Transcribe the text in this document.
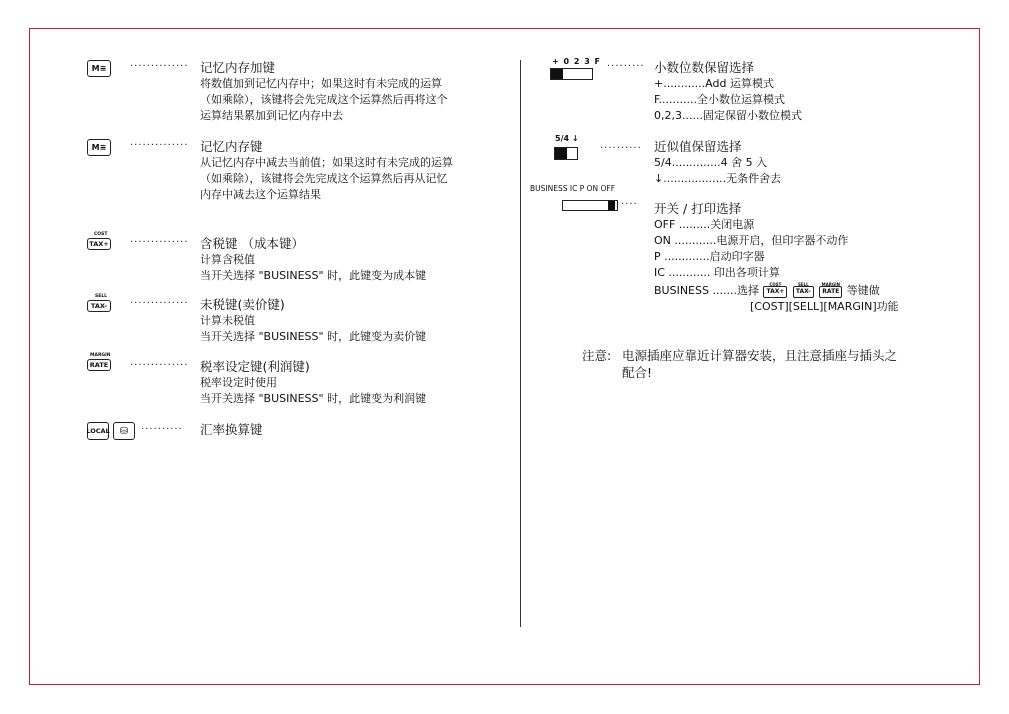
M≡ ·············· 记忆内存加键
将数值加到记忆内存中；如果这时有未完成的运算
（如乘除），该键将会先完成这个运算然后再将这个
运算结果累加到记忆内存中去
M≡ ·············· 记忆内存键
从记忆内存中减去当前值；如果这时有未完成的运算
（如乘除），该键将会先完成这个运算然后再从记忆
内存中减去这个运算结果
COST
TAX+ ·············· 含税键 （成本键）
计算含税值
当开关选择 "BUSINESS" 时，此键变为成本键
SELL
TAX- ·············· 未税键(卖价键)
计算未税值
当开关选择 "BUSINESS" 时，此键变为卖价键
MARGIN
RATE ·············· 税率设定键(利润键)
税率设定时使用
当开关选择 "BUSINESS" 时，此键变为利润键
LOCAL ⛁ ·········· 汇率换算键
+ 0 2 3 F ········· 小数位数保留选择
+............Add 运算模式
F...........全小数位运算模式
0,2,3......固定保留小数位模式
5/4 ↓
·········· 近似值保留选择
5/4..............4 舍 5 入
↓..................无条件舍去
BUSINESS IC P ON OFF
···· 开关 / 打印选择
OFF .........关闭电源
ON ............电源开启，但印字器不动作
P .............启动印字器
IC ............ 印出各项计算
BUSINESS .......选择	COST
TAX+
SELL
TAX-
MARGIN
RATE 等键做
[COST][SELL][MARGIN]功能
注意: 电源插座应靠近计算器安装，且注意插座与插头之
配合!
